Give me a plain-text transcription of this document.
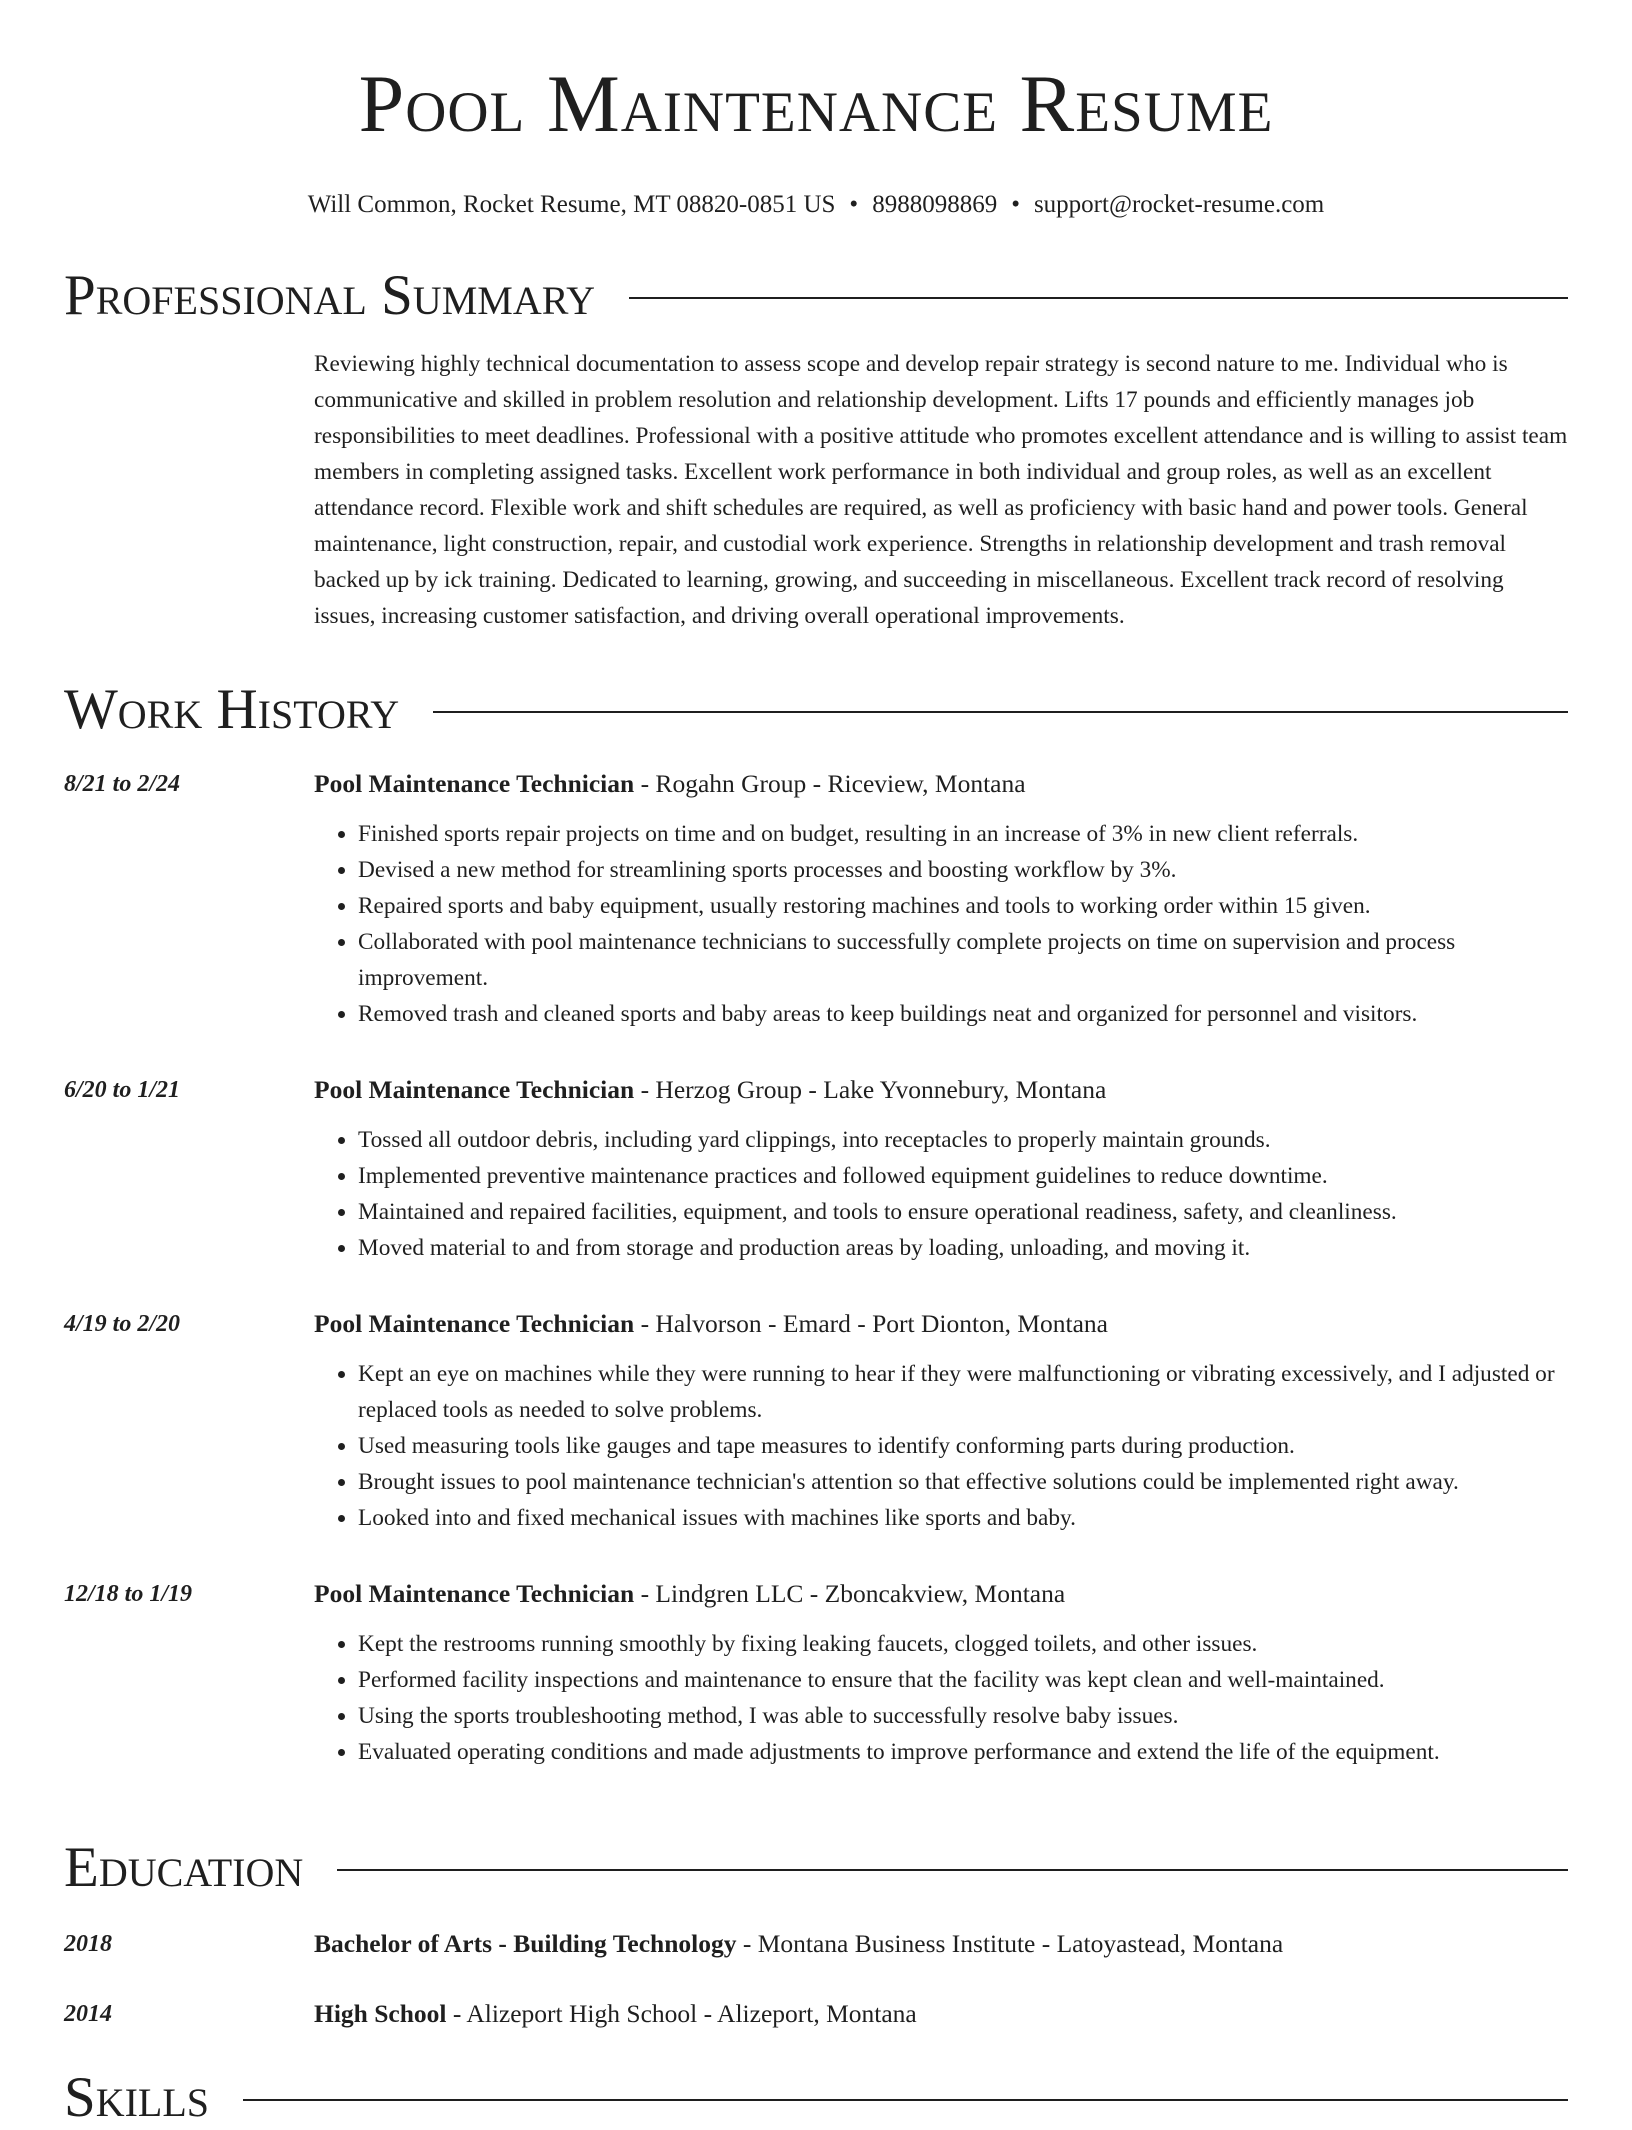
Pool Maintenance Resume
Will Common, Rocket Resume, MT 08820-0851 US • 8988098869 • support@rocket-resume.com
Professional Summary
Reviewing highly technical documentation to assess scope and develop repair strategy is second nature to me. Individual who is communicative and skilled in problem resolution and relationship development. Lifts 17 pounds and efficiently manages job responsibilities to meet deadlines. Professional with a positive attitude who promotes excellent attendance and is willing to assist team members in completing assigned tasks. Excellent work performance in both individual and group roles, as well as an excellent attendance record. Flexible work and shift schedules are required, as well as proficiency with basic hand and power tools. General maintenance, light construction, repair, and custodial work experience. Strengths in relationship development and trash removal backed up by ick training. Dedicated to learning, growing, and succeeding in miscellaneous. Excellent track record of resolving issues, increasing customer satisfaction, and driving overall operational improvements.
Work History
8/21 to 2/24	Pool Maintenance Technician - Rogahn Group - Riceview, Montana
• Finished sports repair projects on time and on budget, resulting in an increase of 3% in new client referrals.
• Devised a new method for streamlining sports processes and boosting workflow by 3%.
• Repaired sports and baby equipment, usually restoring machines and tools to working order within 15 given.
• Collaborated with pool maintenance technicians to successfully complete projects on time on supervision and process improvement.
• Removed trash and cleaned sports and baby areas to keep buildings neat and organized for personnel and visitors.
6/20 to 1/21	Pool Maintenance Technician - Herzog Group - Lake Yvonnebury, Montana
• Tossed all outdoor debris, including yard clippings, into receptacles to properly maintain grounds.
• Implemented preventive maintenance practices and followed equipment guidelines to reduce downtime.
• Maintained and repaired facilities, equipment, and tools to ensure operational readiness, safety, and cleanliness.
• Moved material to and from storage and production areas by loading, unloading, and moving it.
4/19 to 2/20	Pool Maintenance Technician - Halvorson - Emard - Port Dionton, Montana
• Kept an eye on machines while they were running to hear if they were malfunctioning or vibrating excessively, and I adjusted or replaced tools as needed to solve problems.
• Used measuring tools like gauges and tape measures to identify conforming parts during production.
• Brought issues to pool maintenance technician's attention so that effective solutions could be implemented right away.
• Looked into and fixed mechanical issues with machines like sports and baby.
12/18 to 1/19	Pool Maintenance Technician - Lindgren LLC - Zboncakview, Montana
• Kept the restrooms running smoothly by fixing leaking faucets, clogged toilets, and other issues.
• Performed facility inspections and maintenance to ensure that the facility was kept clean and well-maintained.
• Using the sports troubleshooting method, I was able to successfully resolve baby issues.
• Evaluated operating conditions and made adjustments to improve performance and extend the life of the equipment.
Education
2018	Bachelor of Arts - Building Technology - Montana Business Institute - Latoyastead, Montana
2014	High School - Alizeport High School - Alizeport, Montana
Skills
